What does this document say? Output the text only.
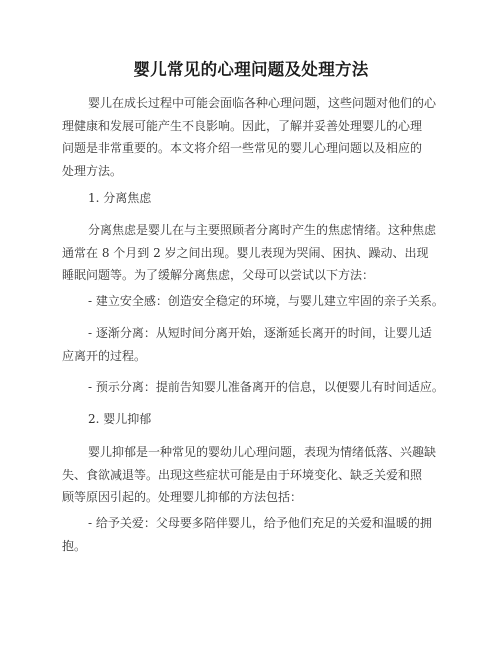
婴儿常见的心理问题及处理方法
婴儿在成长过程中可能会面临各种心理问题，这些问题对他们的心
理健康和发展可能产生不良影响。因此，了解并妥善处理婴儿的心理
问题是非常重要的。本文将介绍一些常见的婴儿心理问题以及相应的
处理方法。
1. 分离焦虑
分离焦虑是婴儿在与主要照顾者分离时产生的焦虑情绪。这种焦虑
通常在 8 个月到 2 岁之间出现。婴儿表现为哭闹、困执、躁动、出现
睡眠问题等。为了缓解分离焦虑，父母可以尝试以下方法：
- 建立安全感：创造安全稳定的环境，与婴儿建立牢固的亲子关系。
- 逐渐分离：从短时间分离开始，逐渐延长离开的时间，让婴儿适
应离开的过程。
- 预示分离：提前告知婴儿准备离开的信息，以便婴儿有时间适应。
2. 婴儿抑郁
婴儿抑郁是一种常见的婴幼儿心理问题，表现为情绪低落、兴趣缺
失、食欲减退等。出现这些症状可能是由于环境变化、缺乏关爱和照
顾等原因引起的。处理婴儿抑郁的方法包括：
- 给予关爱：父母要多陪伴婴儿，给予他们充足的关爱和温暖的拥
抱。
